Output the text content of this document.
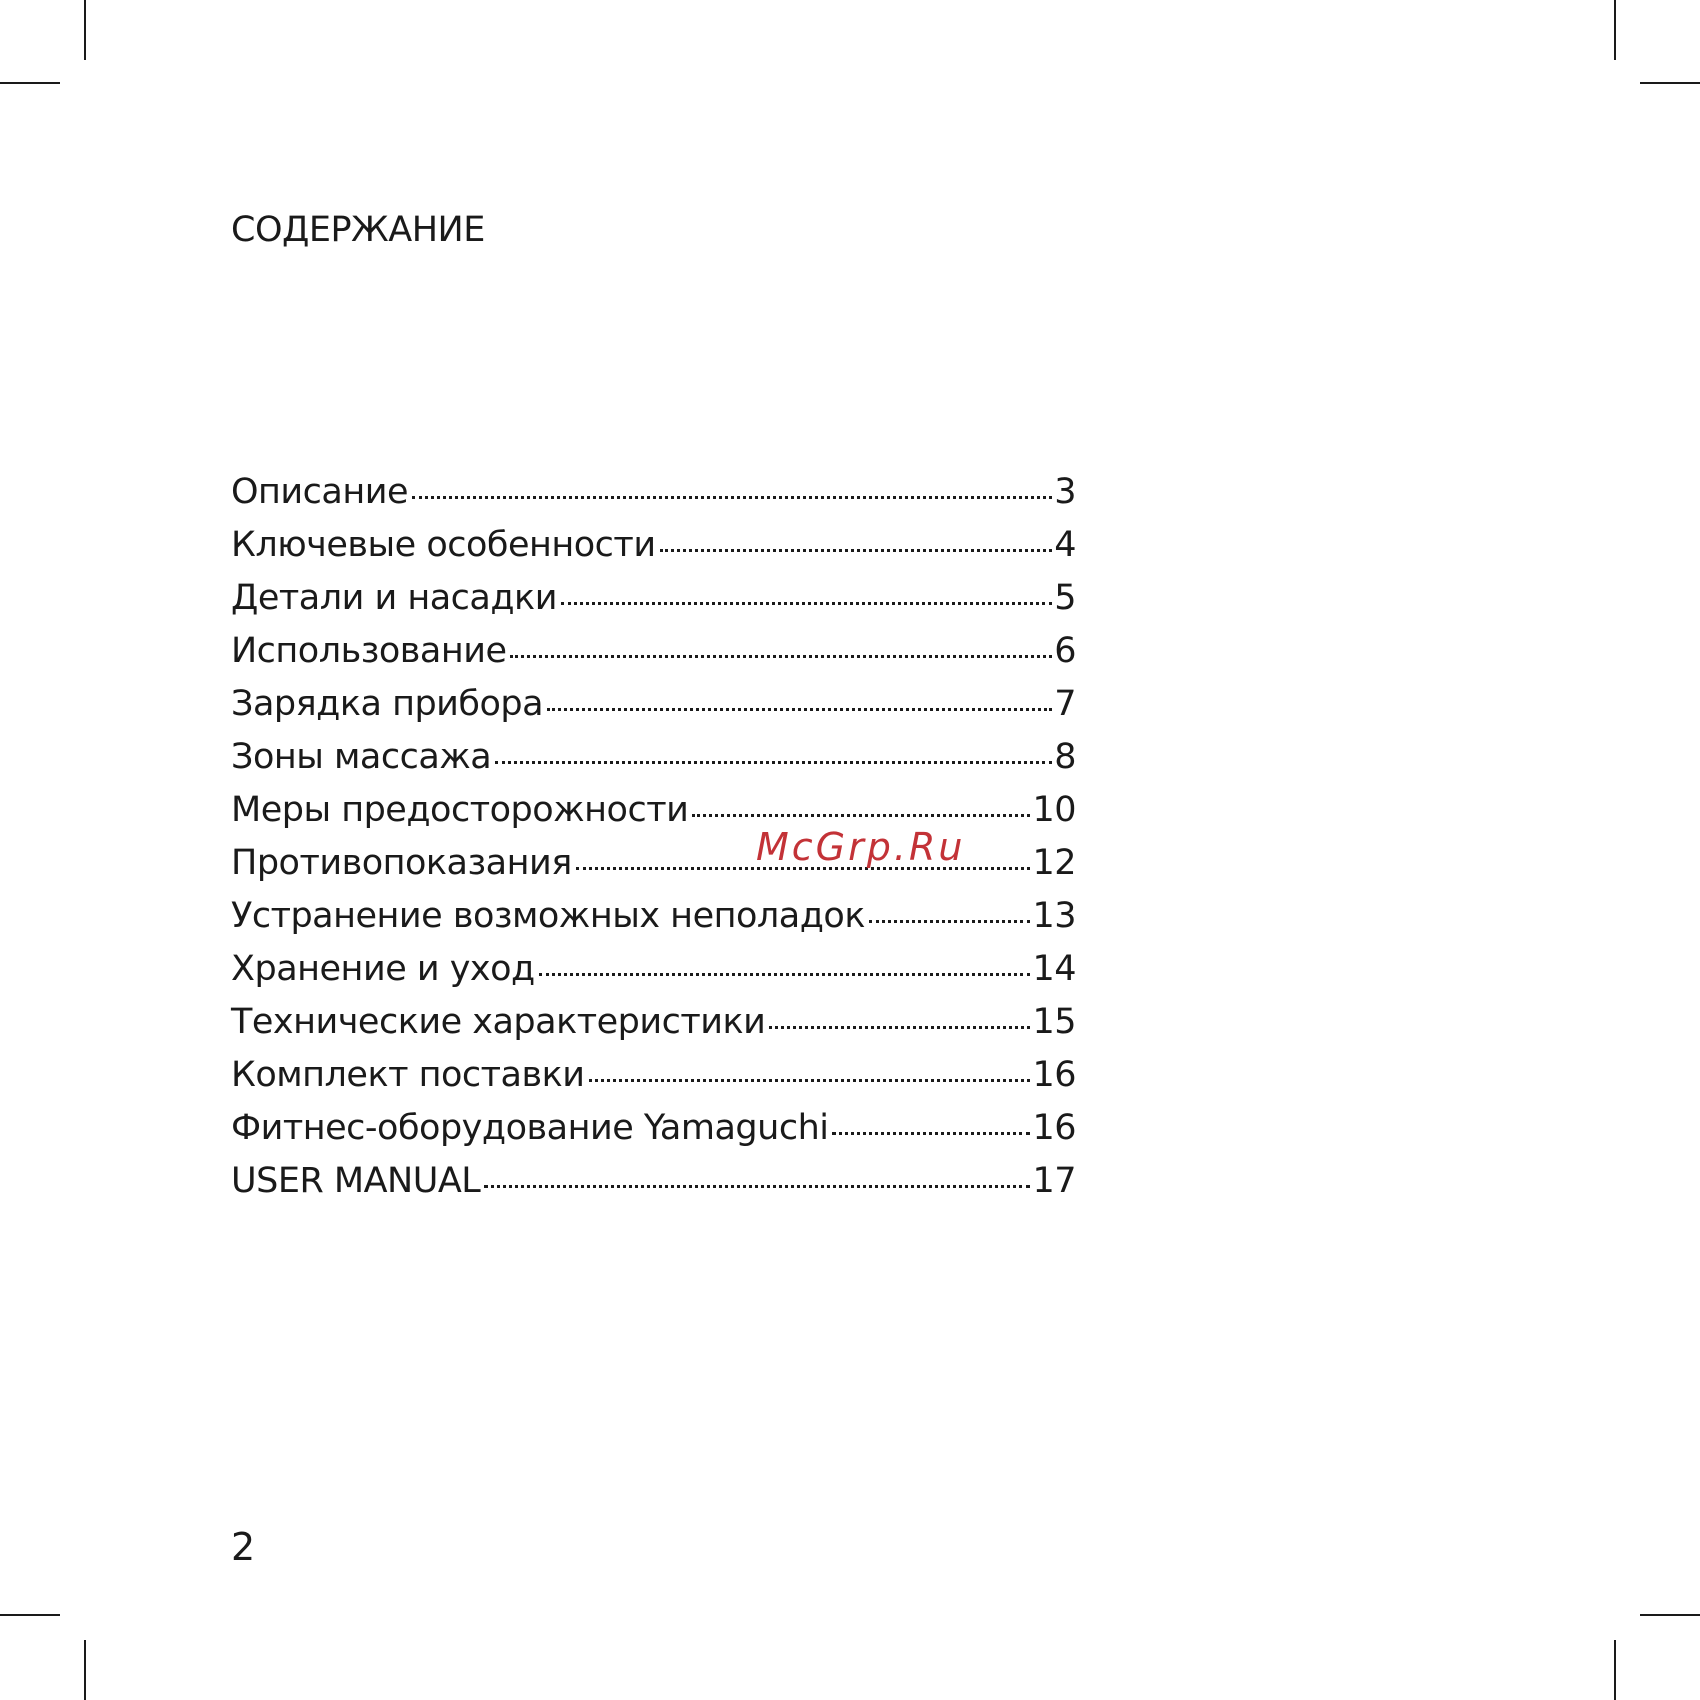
СОДЕРЖАНИЕ
Описание	3
Ключевые особенности	4
Детали и насадки	5
Использование	6
Зарядка прибора	7
Зоны массажа	8
Меры предосторожности	10
Противопоказания	12
Устранение возможных неполадок	13
Хранение и уход	14
Технические характеристики	15
Комплект поставки	16
Фитнес-оборудование Yamaguchi	16
USER MANUAL	17
McGrp.Ru
2
